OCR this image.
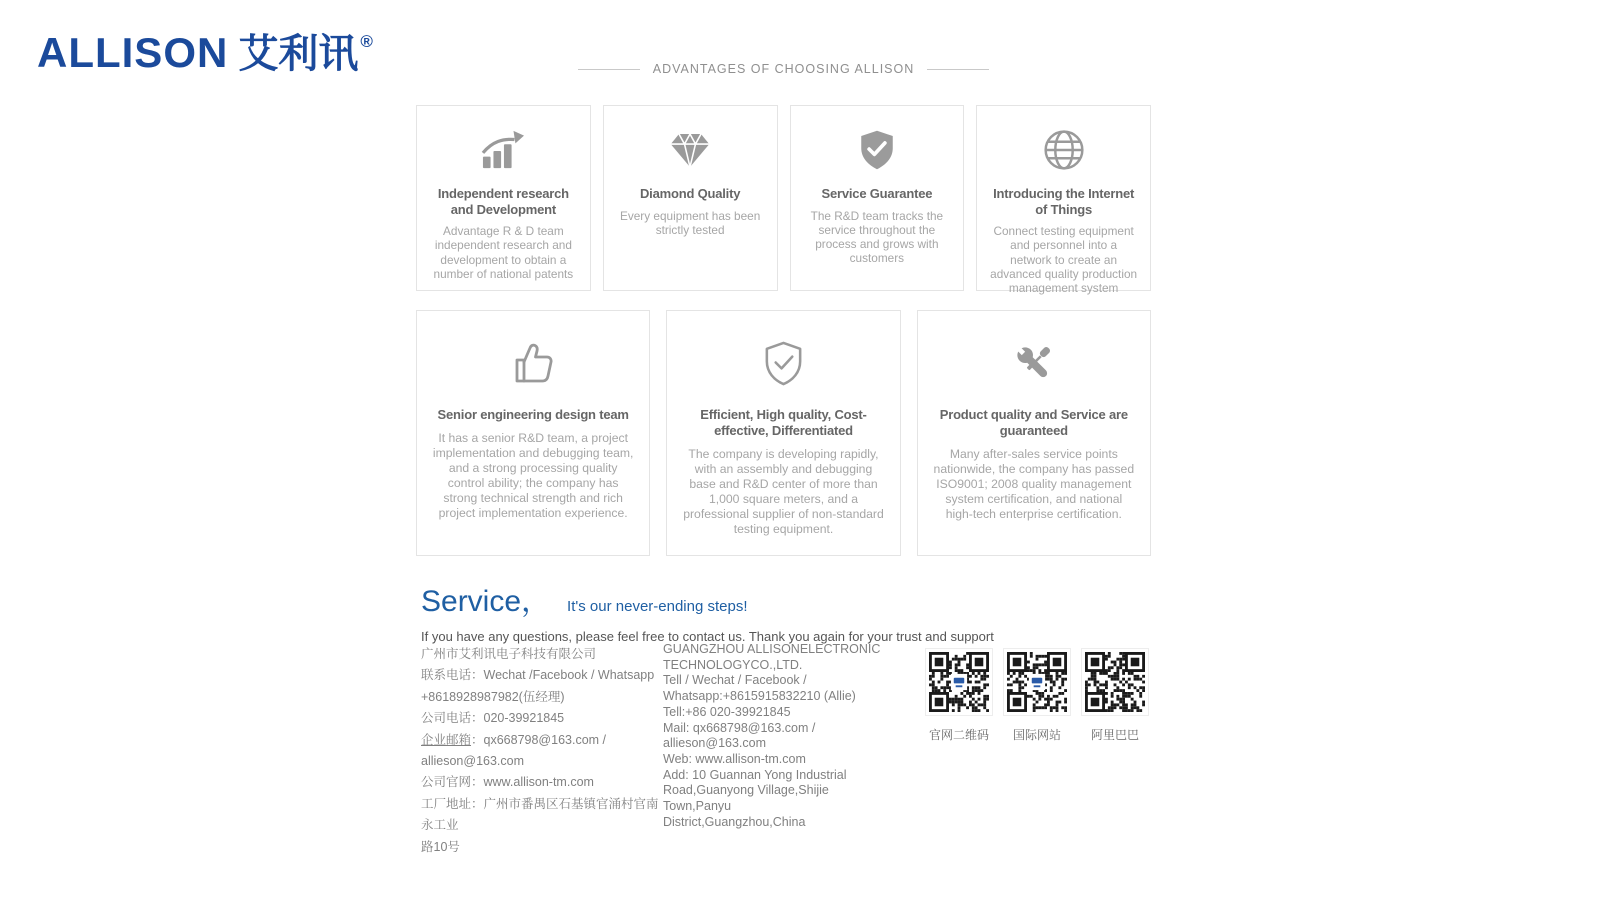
ALLISON 艾利讯 ®
ADVANTAGES OF CHOOSING ALLISON
Independent research and Development
Advantage R & D team independent research and development to obtain a number of national patents
Diamond Quality
Every equipment has been strictly tested
Service Guarantee
The R&D team tracks the service throughout the process and grows with customers
Introducing the Internet of Things
Connect testing equipment and personnel into a network to create an advanced quality production management system
Senior engineering design team
It has a senior R&D team, a project implementation and debugging team, and a strong processing quality control ability; the company has strong technical strength and rich project implementation experience.
Efficient, High quality, Cost-effective, Differentiated
The company is developing rapidly, with an assembly and debugging base and R&D center of more than 1,000 square meters, and a professional supplier of non-standard testing equipment.
Product quality and Service are guaranteed
Many after-sales service points nationwide, the company has passed ISO9001; 2008 quality management system certification, and national high-tech enterprise certification.
Service， It's our never-ending steps!
If you have any questions, please feel free to contact us. Thank you again for your trust and support
广州市艾利讯电子科技有限公司
联系电话：Wechat /Facebook / Whatsapp
+8618928987982(伍经理)
公司电话：020-39921845
企业邮箱：qx668798@163.com /
allieson@163.com
公司官网：www.allison-tm.com
工厂地址：广州市番禺区石基镇官涌村官南永工业
路10号
GUANGZHOU ALLISONELECTRONIC
TECHNOLOGYCO.,LTD.
Tell / Wechat / Facebook /
Whatsapp:+8615915832210 (Allie)
Tell:+86 020-39921845
Mail: qx668798@163.com / allieson@163.com
Web: www.allison-tm.com
Add: 10 Guannan Yong Industrial
Road,Guanyong Village,Shijie Town,Panyu
District,Guangzhou,China
官网二维码	国际网站	阿里巴巴
